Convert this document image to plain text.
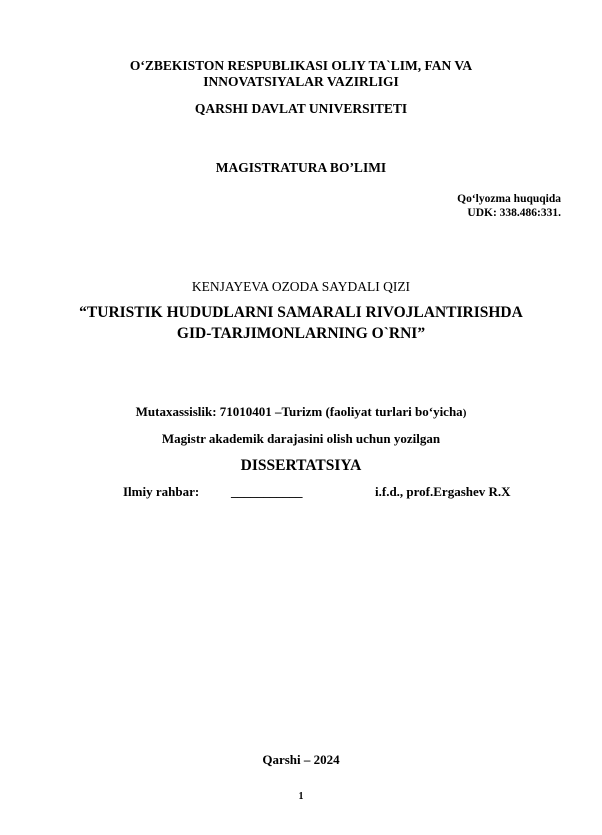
O‘ZBEKISTON RESPUBLIKASI OLIY TA`LIM, FAN VA
INNOVATSIYALAR VAZIRLIGI
QARSHI DAVLAT UNIVERSITETI
MAGISTRATURA BO’LIMI
Qo‘lyozma huquqida
UDK: 338.486:331.
KENJAYEVA OZODA SAYDALI QIZI
“TURISTIK HUDUDLARNI SAMARALI RIVOJLANTIRISHDA
GID-TARJIMONLARNING O`RNI”
Mutaxassislik: 71010401 –Turizm (faoliyat turlari bo‘yicha)
Magistr akademik darajasini olish uchun yozilgan
DISSERTATSIYA
Ilmiy rahbar: ___________	i.f.d., prof.Ergashev R.X
Qarshi – 2024
1
